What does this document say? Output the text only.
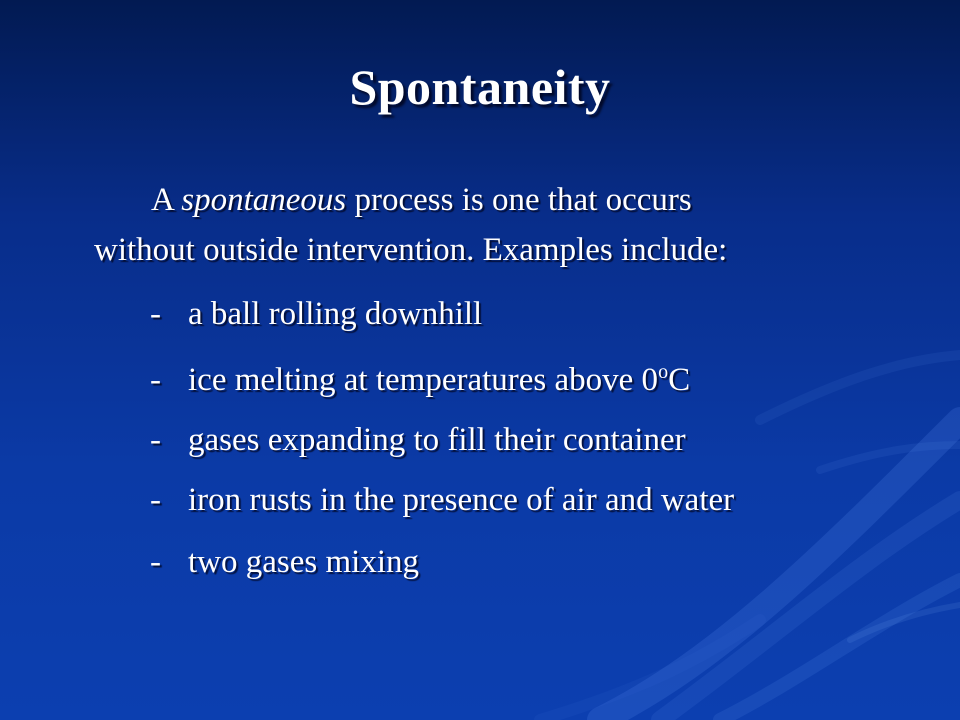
Spontaneity
A spontaneous process is one that occurs
without outside intervention. Examples include:
- a ball rolling downhill
- ice melting at temperatures above 0$^o$C
- gases expanding to fill their container
- iron rusts in the presence of air and water
- two gases mixing
